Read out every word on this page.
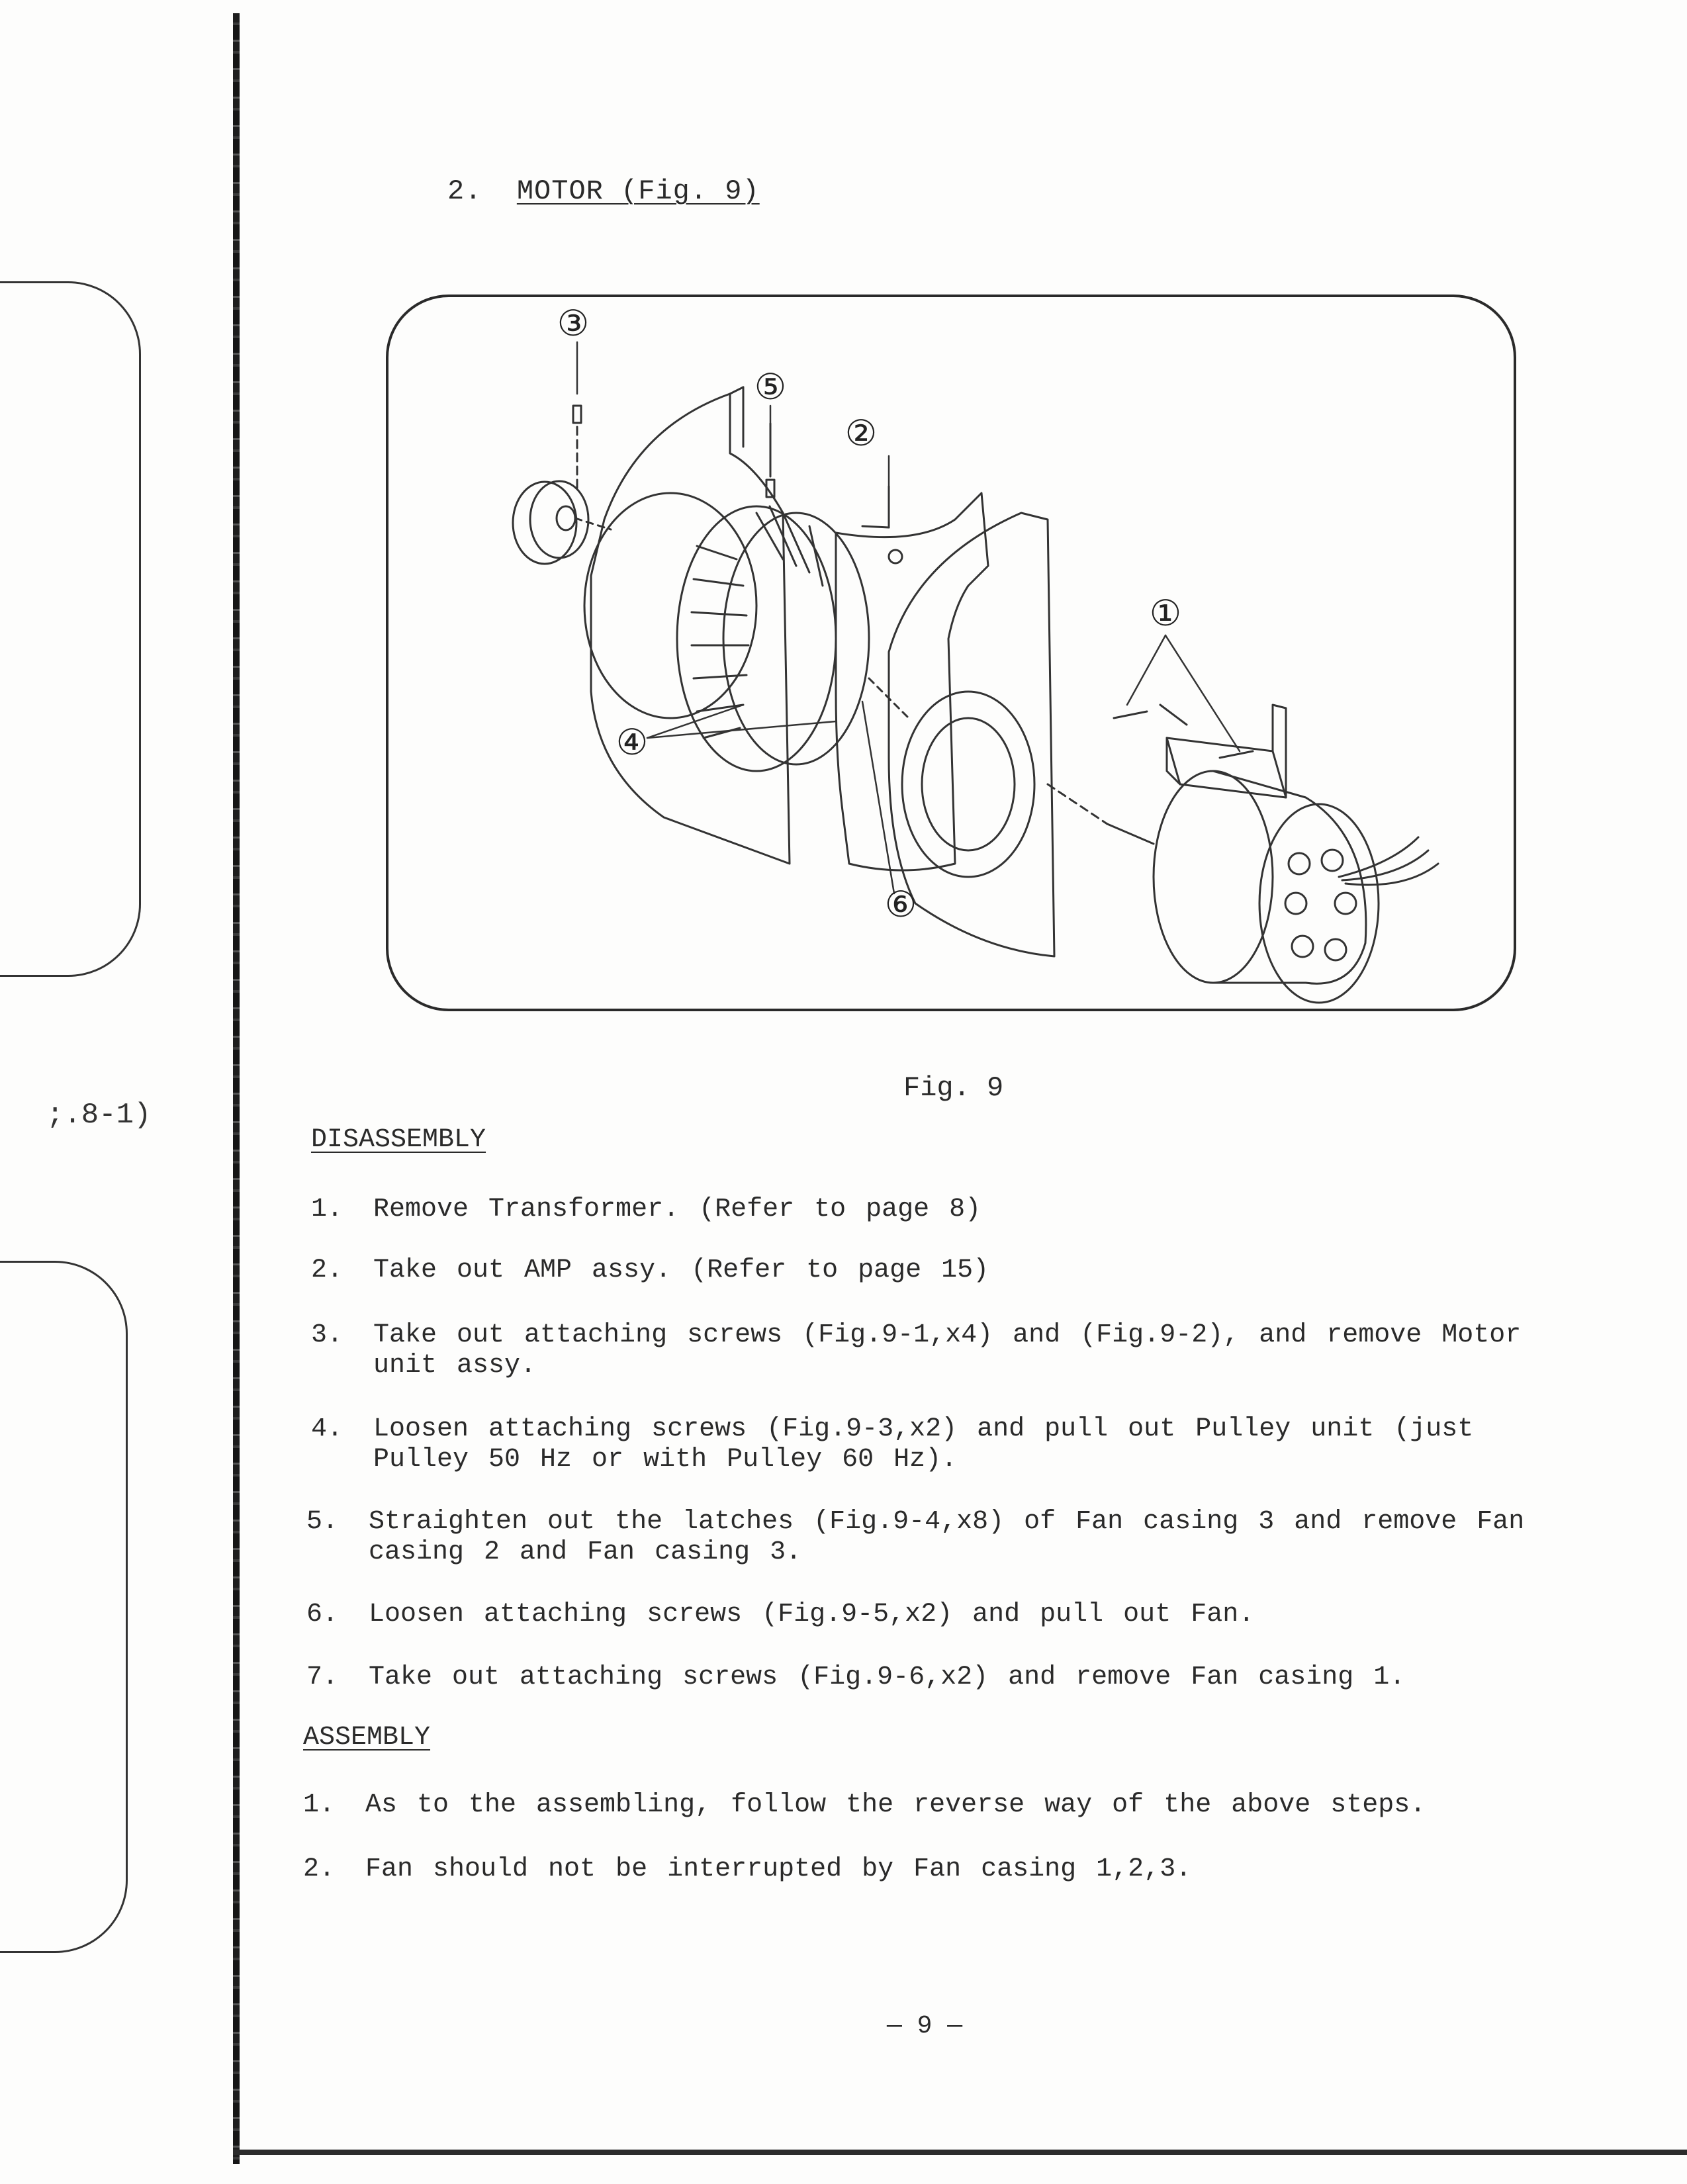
;.8-1)
2. MOTOR (Fig. 9)
①
②
③
④
⑤
⑥
Fig. 9
DISASSEMBLY
1. Remove Transformer. (Refer to page 8)
2. Take out AMP assy. (Refer to page 15)
3. Take out attaching screws (Fig.9-1,x4) and (Fig.9-2), and remove Motor unit assy.
4. Loosen attaching screws (Fig.9-3,x2) and pull out Pulley unit (just Pulley 50 Hz or with Pulley 60 Hz).
5. Straighten out the latches (Fig.9-4,x8) of Fan casing 3 and remove Fan casing 2 and Fan casing 3.
6. Loosen attaching screws (Fig.9-5,x2) and pull out Fan.
7. Take out attaching screws (Fig.9-6,x2) and remove Fan casing 1.
ASSEMBLY
1. As to the assembling, follow the reverse way of the above steps.
2. Fan should not be interrupted by Fan casing 1,2,3.
— 9 —
